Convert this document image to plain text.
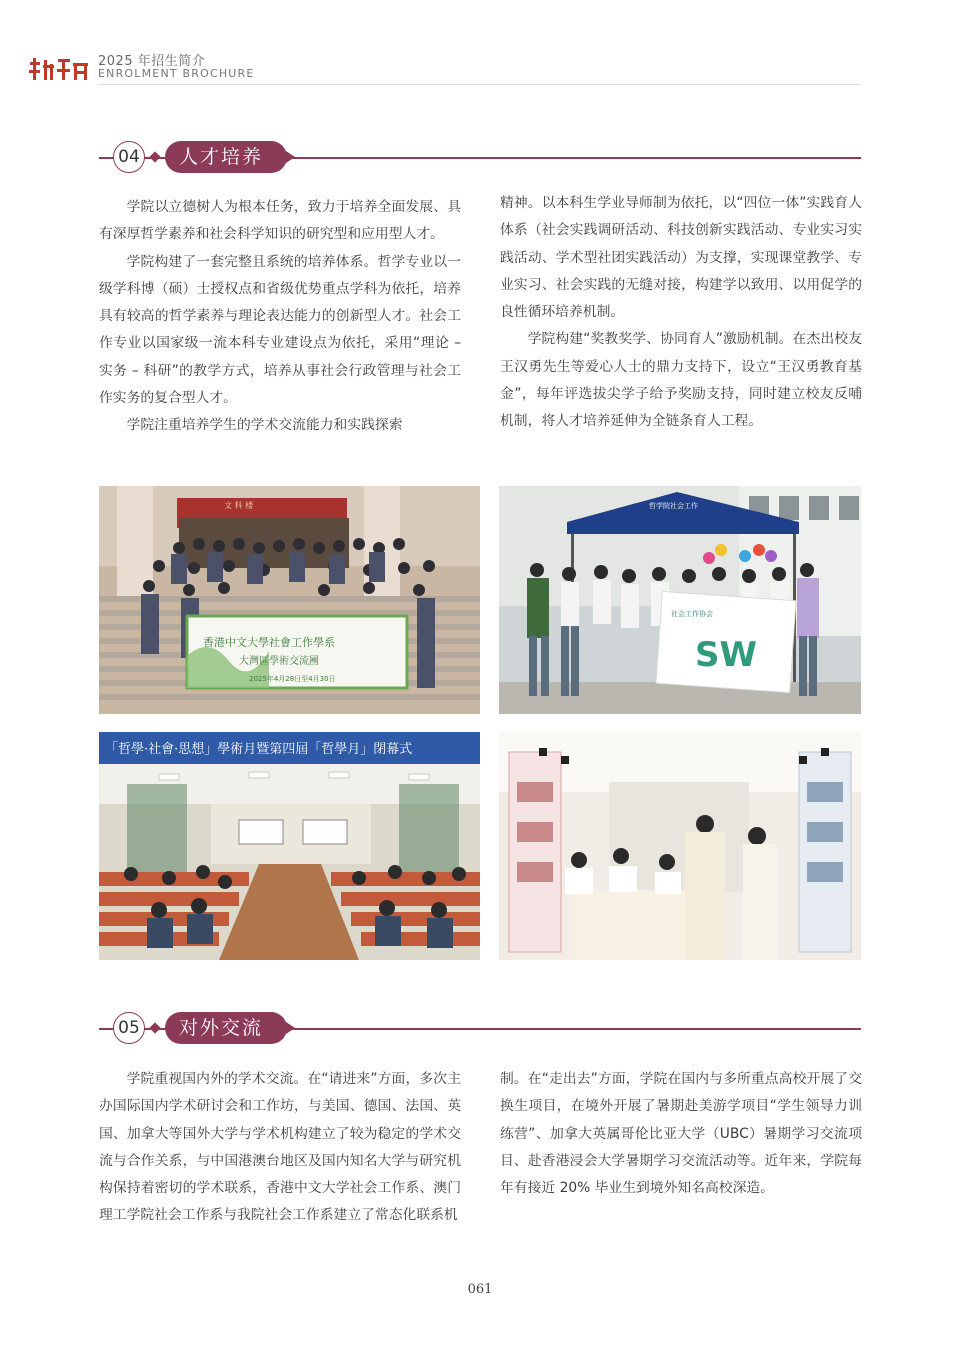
2025 年招生简介
ENROLMENT BROCHURE
04	人才培养

学院以立德树人为根本任务，致力于培养全面发展、具有深厚哲学素养和社会科学知识的研究型和应用型人才。

学院构建了一套完整且系统的培养体系。哲学专业以一级学科博（硕）士授权点和省级优势重点学科为依托，培养具有较高的哲学素养与理论表达能力的创新型人才。社会工作专业以国家级一流本科专业建设点为依托，采用“理论 – 实务 – 科研”的教学方式，培养从事社会行政管理与社会工作实务的复合型人才。

学院注重培养学生的学术交流能力和实践探索

精神。以本科生学业导师制为依托，以“四位一体”实践育人体系（社会实践调研活动、科技创新实践活动、专业实习实践活动、学术型社团实践活动）为支撑，实现课堂教学、专业实习、社会实践的无缝对接，构建学以致用、以用促学的良性循环培养机制。

学院构建“奖教奖学、协同育人”激励机制。在杰出校友王汉勇先生等爱心人士的鼎力支持下，设立“王汉勇教育基金”，每年评选拔尖学子给予奖励支持，同时建立校友反哺机制，将人才培养延伸为全链条育人工程。

文 科 楼
香港中文大學社會工作學系
大灣區學術交流團
2025年4月28日至4月30日
哲学院社会工作
社会工作协会
SW
「哲學·社會·思想」學術月暨第四屆「哲學月」閉幕式
05	对外交流

学院重视国内外的学术交流。在“请进来”方面，多次主办国际国内学术研讨会和工作坊，与美国、德国、法国、英国、加拿大等国外大学与学术机构建立了较为稳定的学术交流与合作关系，与中国港澳台地区及国内知名大学与研究机构保持着密切的学术联系，香港中文大学社会工作系、澳门理工学院社会工作系与我院社会工作系建立了常态化联系机

制。在“走出去”方面，学院在国内与多所重点高校开展了交换生项目，在境外开展了暑期赴美游学项目“学生领导力训练营”、加拿大英属哥伦比亚大学（UBC）暑期学习交流项目、赴香港浸会大学暑期学习交流活动等。近年来，学院每年有接近 20% 毕业生到境外知名高校深造。

061
